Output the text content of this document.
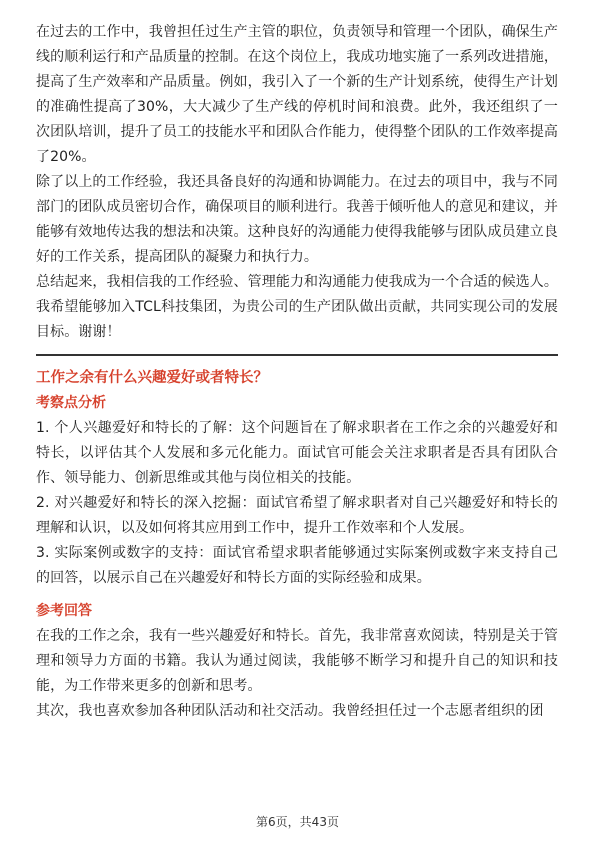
在过去的工作中，我曾担任过生产主管的职位，负责领导和管理一个团队，确保生产线的顺利运行和产品质量的控制。在这个岗位上，我成功地实施了一系列改进措施，提高了生产效率和产品质量。例如，我引入了一个新的生产计划系统，使得生产计划的准确性提高了30%，大大减少了生产线的停机时间和浪费。此外，我还组织了一次团队培训，提升了员工的技能水平和团队合作能力，使得整个团队的工作效率提高了20%。

除了以上的工作经验，我还具备良好的沟通和协调能力。在过去的项目中，我与不同部门的团队成员密切合作，确保项目的顺利进行。我善于倾听他人的意见和建议，并能够有效地传达我的想法和决策。这种良好的沟通能力使得我能够与团队成员建立良好的工作关系，提高团队的凝聚力和执行力。

总结起来，我相信我的工作经验、管理能力和沟通能力使我成为一个合适的候选人。我希望能够加入TCL科技集团，为贵公司的生产团队做出贡献，共同实现公司的发展目标。谢谢！

工作之余有什么兴趣爱好或者特长？
考察点分析

1. 个人兴趣爱好和特长的了解：这个问题旨在了解求职者在工作之余的兴趣爱好和特长，以评估其个人发展和多元化能力。面试官可能会关注求职者是否具有团队合作、领导能力、创新思维或其他与岗位相关的技能。

2. 对兴趣爱好和特长的深入挖掘：面试官希望了解求职者对自己兴趣爱好和特长的理解和认识，以及如何将其应用到工作中，提升工作效率和个人发展。

3. 实际案例或数字的支持：面试官希望求职者能够通过实际案例或数字来支持自己的回答，以展示自己在兴趣爱好和特长方面的实际经验和成果。

参考回答

在我的工作之余，我有一些兴趣爱好和特长。首先，我非常喜欢阅读，特别是关于管理和领导力方面的书籍。我认为通过阅读，我能够不断学习和提升自己的知识和技能，为工作带来更多的创新和思考。

其次，我也喜欢参加各种团队活动和社交活动。我曾经担任过一个志愿者组织的团

第6页，共43页
